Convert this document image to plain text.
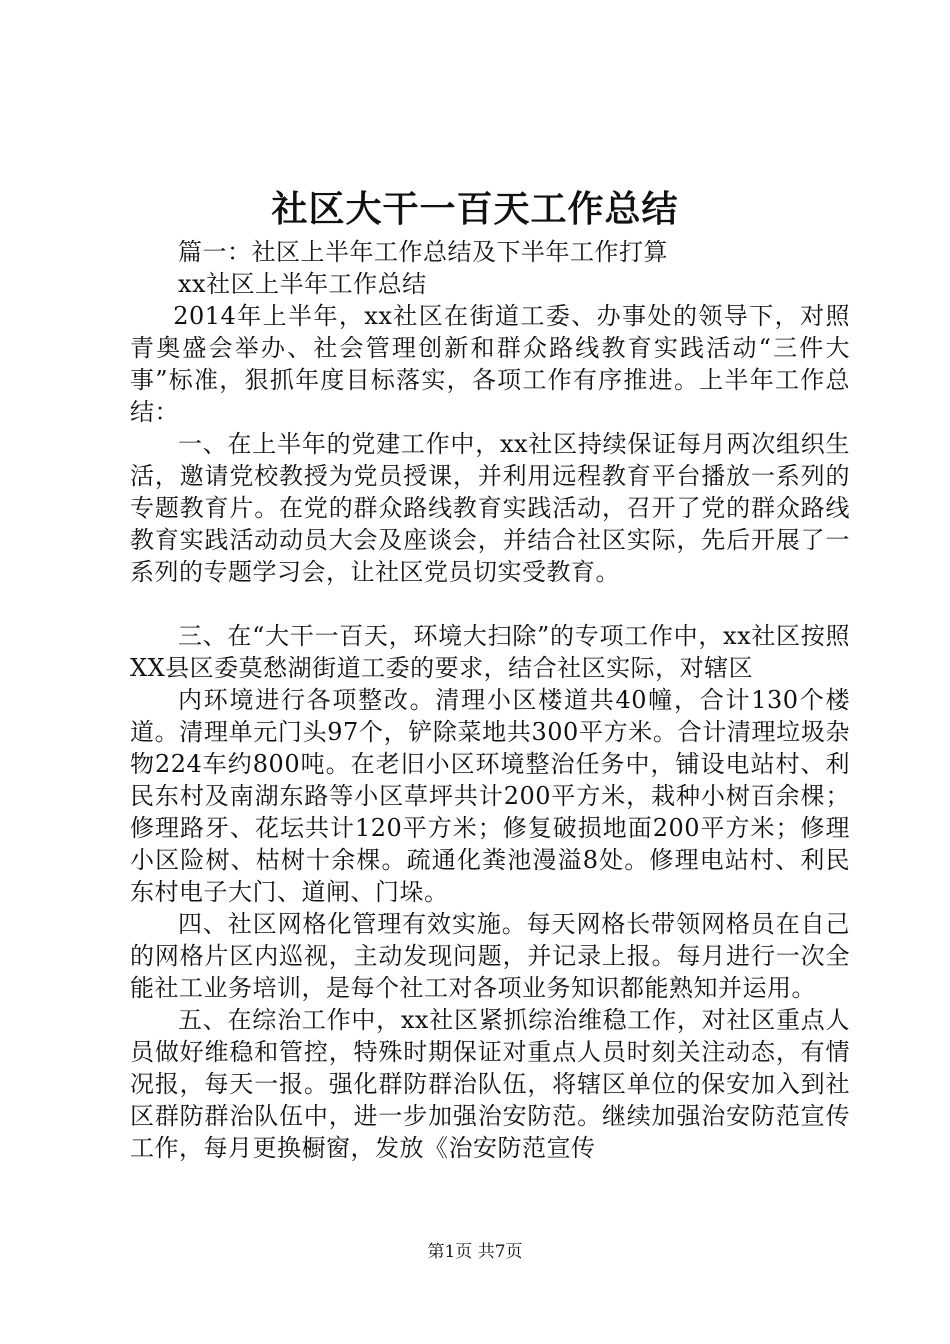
社区大干一百天工作总结

篇一：社区上半年工作总结及下半年工作打算

xx社区上半年工作总结

2014年上半年，xx社区在街道工委、办事处的领导下，对照青奥盛会举办、社会管理创新和群众路线教育实践活动“三件大事”标准，狠抓年度目标落实，各项工作有序推进。上半年工作总结：

一、在上半年的党建工作中，xx社区持续保证每月两次组织生活，邀请党校教授为党员授课，并利用远程教育平台播放一系列的专题教育片。在党的群众路线教育实践活动，召开了党的群众路线教育实践活动动员大会及座谈会，并结合社区实际，先后开展了一系列的专题学习会，让社区党员切实受教育。

三、在“大干一百天，环境大扫除”的专项工作中，xx社区按照XX县区委莫愁湖街道工委的要求，结合社区实际，对辖区

内环境进行各项整改。清理小区楼道共40幢，合计130个楼道。清理单元门头97个，铲除菜地共300平方米。合计清理垃圾杂物224车约800吨。在老旧小区环境整治任务中，铺设电站村、利民东村及南湖东路等小区草坪共计200平方米，栽种小树百余棵；修理路牙、花坛共计120平方米；修复破损地面200平方米；修理小区险树、枯树十余棵。疏通化粪池漫溢8处。修理电站村、利民东村电子大门、道闸、门垛。

四、社区网格化管理有效实施。每天网格长带领网格员在自己的网格片区内巡视，主动发现问题，并记录上报。每月进行一次全能社工业务培训，是每个社工对各项业务知识都能熟知并运用。

五、在综治工作中，xx社区紧抓综治维稳工作，对社区重点人员做好维稳和管控，特殊时期保证对重点人员时刻关注动态，有情况报，每天一报。强化群防群治队伍，将辖区单位的保安加入到社区群防群治队伍中，进一步加强治安防范。继续加强治安防范宣传工作，每月更换橱窗，发放《治安防范宣传

第1页 共7页
